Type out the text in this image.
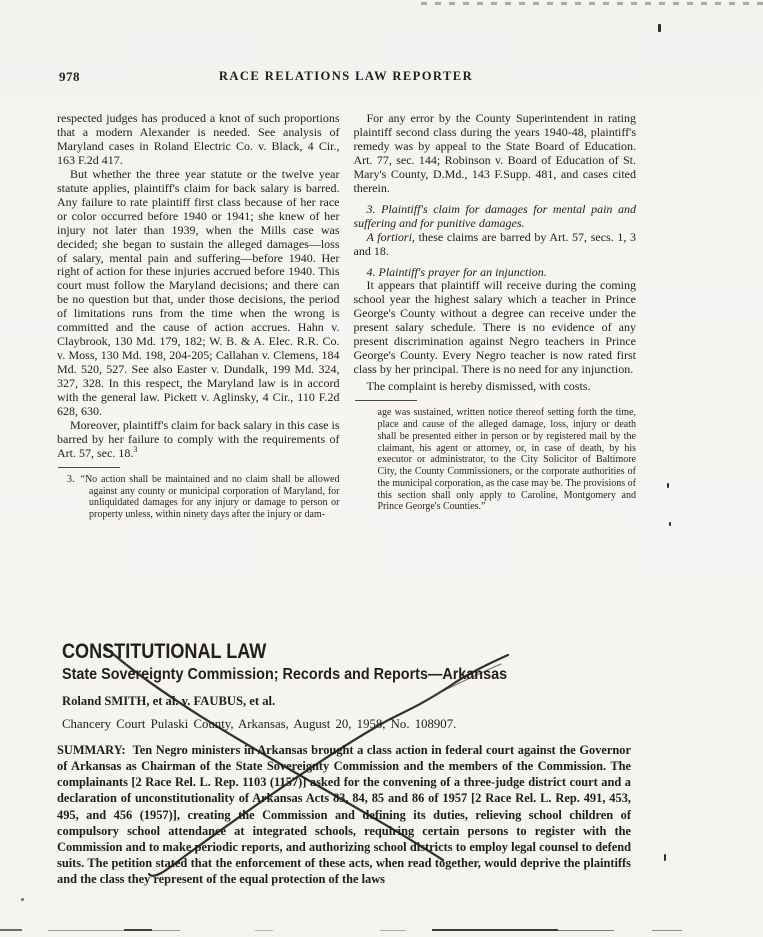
978	RACE RELATIONS LAW REPORTER

respected judges has produced a knot of such proportions that a modern Alexander is needed. See analysis of Maryland cases in Roland Electric Co. v. Black, 4 Cir., 163 F.2d 417.

But whether the three year statute or the twelve year statute applies, plaintiff's claim for back salary is barred. Any failure to rate plaintiff first class because of her race or color occurred before 1940 or 1941; she knew of her injury not later than 1939, when the Mills case was decided; she began to sustain the alleged damages—loss of salary, mental pain and suffering—before 1940. Her right of action for these injuries accrued before 1940. This court must follow the Maryland decisions; and there can be no question but that, under those decisions, the period of limitations runs from the time when the wrong is committed and the cause of action accrues. Hahn v. Claybrook, 130 Md. 179, 182; W. B. & A. Elec. R.R. Co. v. Moss, 130 Md. 198, 204-205; Callahan v. Clemens, 184 Md. 520, 527. See also Easter v. Dundalk, 199 Md. 324, 327, 328. In this respect, the Maryland law is in accord with the general law. Pickett v. Aglinsky, 4 Cir., 110 F.2d 628, 630.

Moreover, plaintiff's claim for back salary in this case is barred by her failure to comply with the requirements of Art. 57, sec. 18.$^3$

3. “No action shall be maintained and no claim shall be allowed against any county or municipal corporation of Maryland, for unliquidated damages for any injury or damage to person or property unless, within ninety days after the injury or dam-

For any error by the County Superintendent in rating plaintiff second class during the years 1940-48, plaintiff's remedy was by appeal to the State Board of Education. Art. 77, sec. 144; Robinson v. Board of Education of St. Mary's County, D.Md., 143 F.Supp. 481, and cases cited therein.

3. Plaintiff's claim for damages for mental pain and suffering and for punitive damages.

A fortiori, these claims are barred by Art. 57, secs. 1, 3 and 18.

4. Plaintiff's prayer for an injunction.

It appears that plaintiff will receive during the coming school year the highest salary which a teacher in Prince George's County without a degree can receive under the present salary schedule. There is no evidence of any present discrimination against Negro teachers in Prince George's County. Every Negro teacher is now rated first class by her principal. There is no need for any injunction.

The complaint is hereby dismissed, with costs.

age was sustained, written notice thereof setting forth the time, place and cause of the alleged damage, loss, injury or death shall be presented either in person or by registered mail by the claimant, his agent or attorney, or, in case of death, by his executor or administrator, to the City Solicitor of Baltimore City, the County Commissioners, or the corporate authorities of the municipal corporation, as the case may be. The provisions of this section shall only apply to Caroline, Montgomery and Prince George's Counties.”
CONSTITUTIONAL LAW
State Sovereignty Commission; Records and Reports—Arkansas

Roland SMITH, et al. v. FAUBUS, et al.

Chancery Court Pulaski County, Arkansas, August 20, 1958, No. 108907.

SUMMARY: Ten Negro ministers in Arkansas brought a class action in federal court against the Governor of Arkansas as Chairman of the State Sovereignty Commission and the members of the Commission. The complainants [2 Race Rel. L. Rep. 1103 (1157)] asked for the convening of a three-judge district court and a declaration of unconstitutionality of Arkansas Acts 83, 84, 85 and 86 of 1957 [2 Race Rel. L. Rep. 491, 453, 495, and 456 (1957)], creating the Commission and defining its duties, relieving school children of compulsory school attendance at integrated schools, requiring certain persons to register with the Commission and to make periodic reports, and authorizing school districts to employ legal counsel to defend suits. The petition stated that the enforcement of these acts, when read together, would deprive the plaintiffs and the class they represent of the equal protection of the laws
